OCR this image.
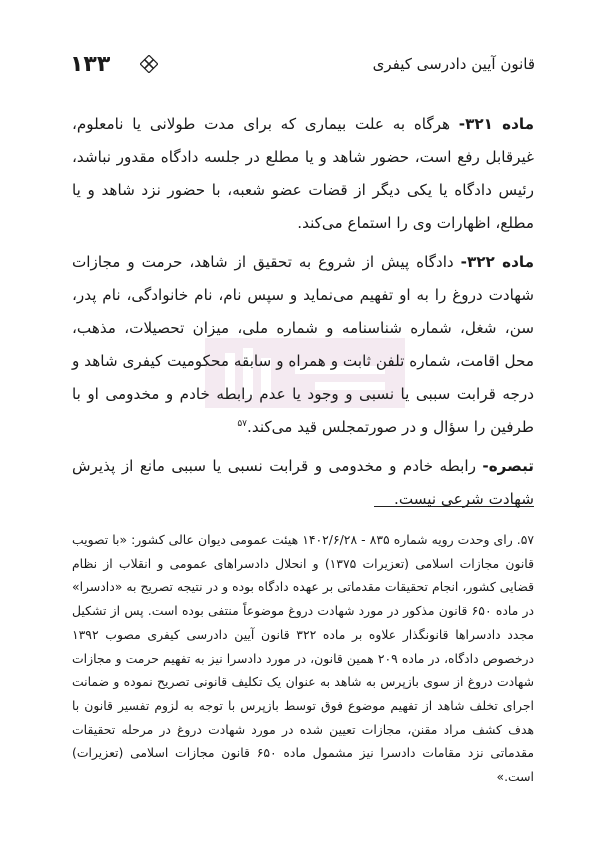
۱۳۳	قانون آیین دادرسی کیفری

ماده ۳۲۱- هرگاه به علت بیماری که برای مدت طولانی یا نامعلوم، غیرقابل رفع است، حضور شاهد و یا مطلع در جلسه دادگاه مقدور نباشد، رئیس دادگاه یا یکی دیگر از قضات عضو شعبه، با حضور نزد شاهد و یا مطلع، اظهارات وی را استماع می‌کند.

ماده ۳۲۲- دادگاه پیش از شروع به تحقیق از شاهد، حرمت و مجازات شهادت دروغ را به او تفهیم می‌نماید و سپس نام، نام خانوادگی، نام پدر، سن، شغل، شماره شناسنامه و شماره ملی، میزان تحصیلات، مذهب، محل اقامت، شماره تلفن ثابت و همراه و سابقه محکومیت کیفری شاهد و درجه قرابت سببی یا نسبی و وجود یا عدم رابطه خادم و مخدومی او با طرفین را سؤال و در صورتمجلس قید می‌کند.$^{۵۷}$

تبصره- رابطه خادم و مخدومی و قرابت نسبی یا سببی مانع از پذیرش شهادت شرعی نیست.

۵۷. رای وحدت رویه شماره ۸۳۵ - ۱۴۰۲/۶/۲۸ هیئت عمومی دیوان عالی کشور: «با تصویب قانون مجازات اسلامی (تعزیرات ۱۳۷۵) و انحلال دادسراهای عمومی و انقلاب از نظام قضایی کشور، انجام تحقیقات مقدماتی بر عهده دادگاه بوده و در نتیجه تصریح به «دادسرا» در ماده ۶۵۰ قانون مذکور در مورد شهادت دروغ موضوعاً منتفی بوده است. پس از تشکیل مجدد دادسراها قانونگذار علاوه بر ماده ۳۲۲ قانون آیین دادرسی کیفری مصوب ۱۳۹۲ درخصوص دادگاه، در ماده ۲۰۹ همین قانون، در مورد دادسرا نیز به تفهیم حرمت و مجازات شهادت دروغ از سوی بازپرس به شاهد به عنوان یک تکلیف قانونی تصریح نموده و ضمانت اجرای تخلف شاهد از تفهیم موضوع فوق توسط بازپرس با توجه به لزوم تفسیر قانون با هدف کشف مراد مقنن، مجازات تعیین شده در مورد شهادت دروغ در مرحله تحقیقات مقدماتی نزد مقامات دادسرا نیز مشمول ماده ۶۵۰ قانون مجازات اسلامی (تعزیرات) است.»
